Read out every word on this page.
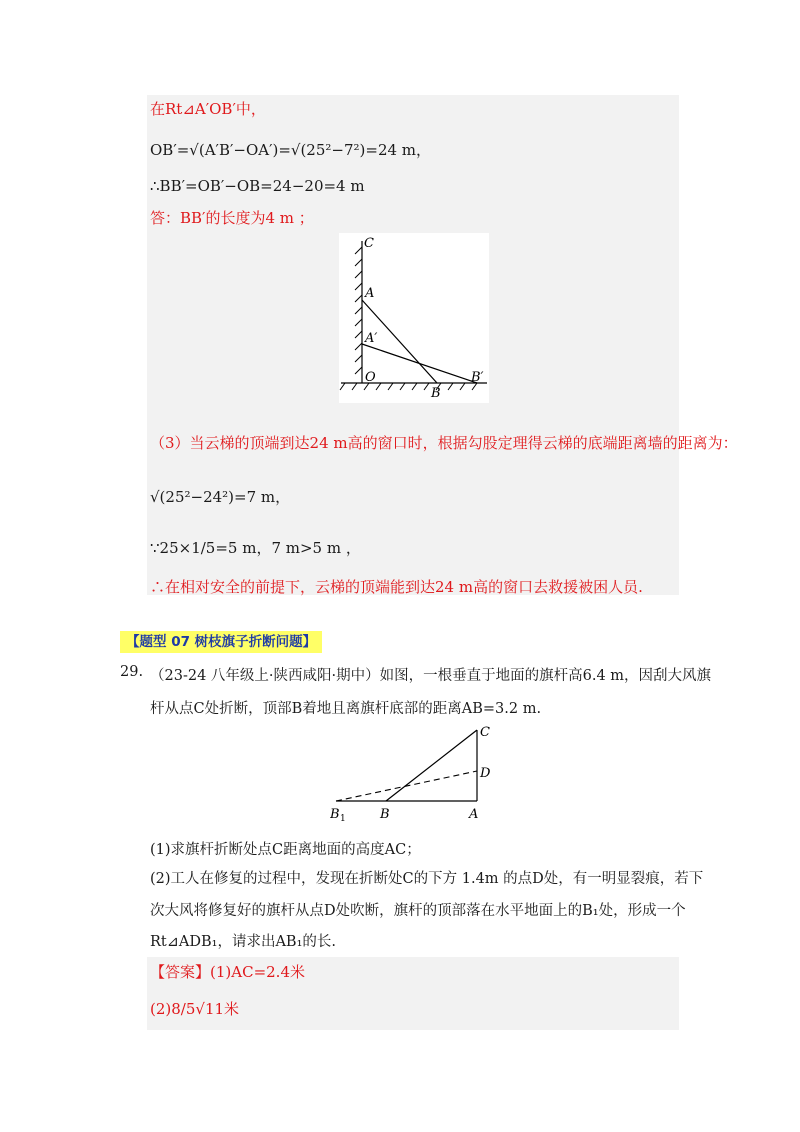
在Rt⊿A′OB′中，
OB′=√(A′B′−OA′)=√(25²−7²)=24 m，
∴BB′=OB′−OB=24−20=4 m
答：BB′的长度为4 m ；
C
A
A′
O
B
B′
（3）当云梯的顶端到达24 m高的窗口时，根据勾股定理得云梯的底端距离墙的距离为：
√(25²−24²)=7 m，
∵25×1/5=5 m，7 m>5 m ，
∴在相对安全的前提下，云梯的顶端能到达24 m高的窗口去救援被困人员.
【题型 07 树枝旗子折断问题】
29. （23-24 八年级上·陕西咸阳·期中）如图，一根垂直于地面的旗杆高6.4 m，因刮大风旗
杆从点C处折断，顶部B着地且离旗杆底部的距离AB=3.2 m.
C
D
B 1	B	A
(1)求旗杆折断处点C距离地面的高度AC；
(2)工人在修复的过程中，发现在折断处C的下方 1.4m 的点D处，有一明显裂痕，若下
次大风将修复好的旗杆从点D处吹断，旗杆的顶部落在水平地面上的B₁处，形成一个
Rt⊿ADB₁，请求出AB₁的长.
【答案】(1)AC=2.4米
(2)8/5√11米
